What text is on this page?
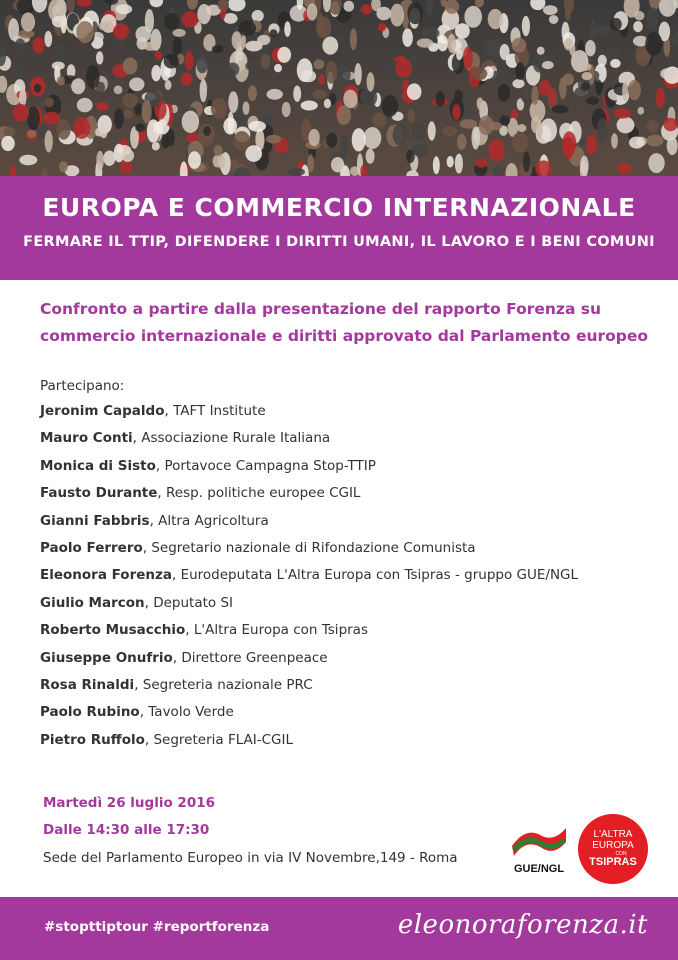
EUROPA E COMMERCIO INTERNAZIONALE
FERMARE IL TTIP, DIFENDERE I DIRITTI UMANI, IL LAVORO E I BENI COMUNI
Confronto a partire dalla presentazione del rapporto Forenza su commercio internazionale e diritti approvato dal Parlamento europeo
Partecipano:
Jeronim Capaldo, TAFT Institute
Mauro Conti, Associazione Rurale Italiana
Monica di Sisto, Portavoce Campagna Stop-TTIP
Fausto Durante, Resp. politiche europee CGIL
Gianni Fabbris, Altra Agricoltura
Paolo Ferrero, Segretario nazionale di Rifondazione Comunista
Eleonora Forenza, Eurodeputata L'Altra Europa con Tsipras - gruppo GUE/NGL
Giulio Marcon, Deputato SI
Roberto Musacchio, L'Altra Europa con Tsipras
Giuseppe Onufrio, Direttore Greenpeace
Rosa Rinaldi, Segreteria nazionale PRC
Paolo Rubino, Tavolo Verde
Pietro Ruffolo, Segreteria FLAI-CGIL
Martedì 26 luglio 2016
Dalle 14:30 alle 17:30
Sede del Parlamento Europeo in via IV Novembre,149 - Roma
GUE/NGL
L'ALTRA
EUROPA
CON
TSIPRAS
#stopttiptour #reportforenza	eleonoraforenza.it
